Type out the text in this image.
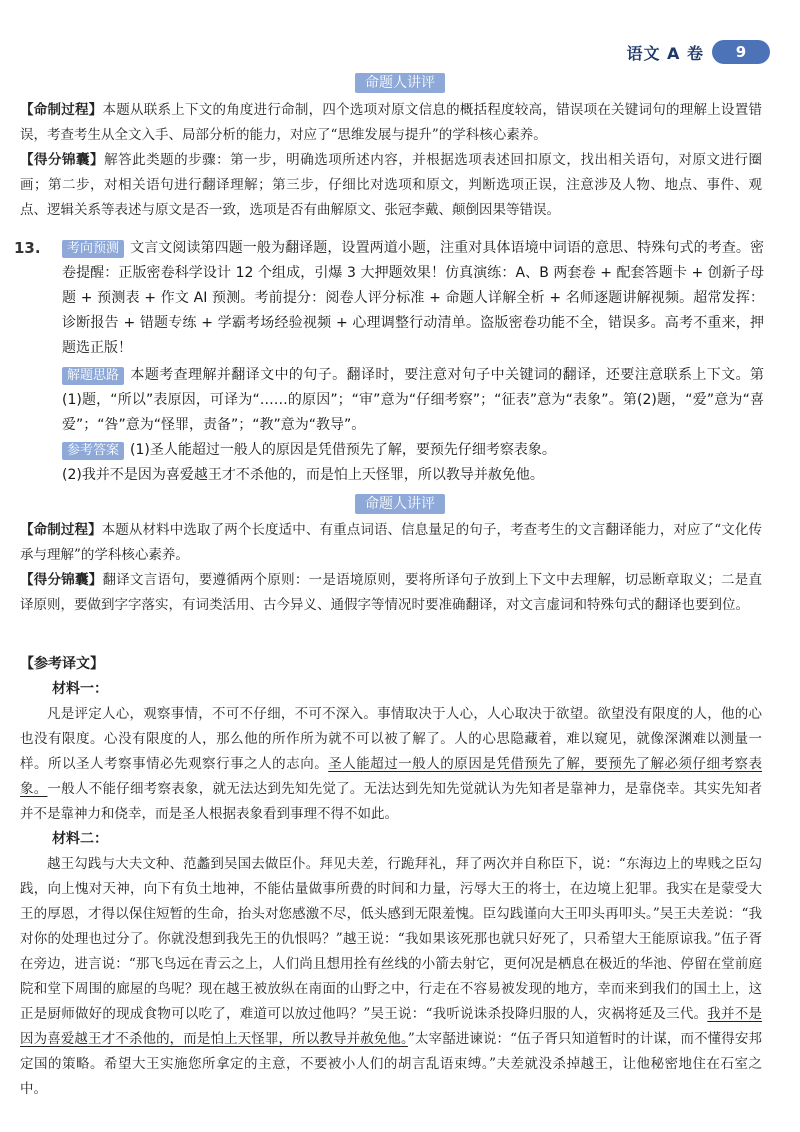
语文 A 卷	9
命题人讲评
【命制过程】本题从联系上下文的角度进行命制，四个选项对原文信息的概括程度较高，错误项在关键词句的理解上设置错误，考查考生从全文入手、局部分析的能力，对应了“思维发展与提升”的学科核心素养。
【得分锦囊】解答此类题的步骤：第一步，明确选项所述内容，并根据选项表述回扣原文，找出相关语句，对原文进行圈画；第二步，对相关语句进行翻译理解；第三步，仔细比对选项和原文，判断选项正误，注意涉及人物、地点、事件、观点、逻辑关系等表述与原文是否一致，选项是否有曲解原文、张冠李戴、颠倒因果等错误。
13.	考向预测 文言文阅读第四题一般为翻译题，设置两道小题，注重对具体语境中词语的意思、特殊句式的考查。密卷提醒：正版密卷科学设计 12 个组成，引爆 3 大押题效果！仿真演练：A、B 两套卷 + 配套答题卡 + 创新子母题 + 预测表 + 作文 AI 预测。考前提分：阅卷人评分标准 + 命题人详解全析 + 名师逐题讲解视频。超常发挥：诊断报告 + 错题专练 + 学霸考场经验视频 + 心理调整行动清单。盗版密卷功能不全，错误多。高考不重来，押题选正版！
解题思路 本题考查理解并翻译文中的句子。翻译时，要注意对句子中关键词的翻译，还要注意联系上下文。第(1)题，“所以”表原因，可译为“……的原因”；“审”意为“仔细考察”；“征表”意为“表象”。第(2)题，“爱”意为“喜爱”；“咎”意为“怪罪，责备”；“教”意为“教导”。
参考答案 (1)圣人能超过一般人的原因是凭借预先了解，要预先仔细考察表象。
(2)我并不是因为喜爱越王才不杀他的，而是怕上天怪罪，所以教导并赦免他。
命题人讲评
【命制过程】本题从材料中选取了两个长度适中、有重点词语、信息量足的句子，考查考生的文言翻译能力，对应了“文化传承与理解”的学科核心素养。
【得分锦囊】翻译文言语句，要遵循两个原则：一是语境原则，要将所译句子放到上下文中去理解，切忌断章取义；二是直译原则，要做到字字落实，有词类活用、古今异义、通假字等情况时要准确翻译，对文言虚词和特殊句式的翻译也要到位。
【参考译文】
材料一：
凡是评定人心，观察事情，不可不仔细，不可不深入。事情取决于人心，人心取决于欲望。欲望没有限度的人，他的心也没有限度。心没有限度的人，那么他的所作所为就不可以被了解了。人的心思隐藏着，难以窥见，就像深渊难以测量一样。所以圣人考察事情必先观察行事之人的志向。圣人能超过一般人的原因是凭借预先了解，要预先了解必须仔细考察表象。一般人不能仔细考察表象，就无法达到先知先觉了。无法达到先知先觉就认为先知者是靠神力，是靠侥幸。其实先知者并不是靠神力和侥幸，而是圣人根据表象看到事理不得不如此。
材料二：
越王勾践与大夫文种、范蠡到吴国去做臣仆。拜见夫差，行跪拜礼，拜了两次并自称臣下，说：“东海边上的卑贱之臣勾践，向上愧对天神，向下有负土地神，不能估量做事所费的时间和力量，污辱大王的将士，在边境上犯罪。我实在是蒙受大王的厚恩，才得以保住短暂的生命，抬头对您感激不尽，低头感到无限羞愧。臣勾践谨向大王叩头再叩头。”吴王夫差说：“我对你的处理也过分了。你就没想到我先王的仇恨吗？”越王说：“我如果该死那也就只好死了，只希望大王能原谅我。”伍子胥在旁边，进言说：“那飞鸟远在青云之上，人们尚且想用拴有丝线的小箭去射它，更何况是栖息在极近的华池、停留在堂前庭院和堂下周围的廊屋的鸟呢？现在越王被放纵在南面的山野之中，行走在不容易被发现的地方，幸而来到我们的国土上，这正是厨师做好的现成食物可以吃了，难道可以放过他吗？”吴王说：“我听说诛杀投降归服的人，灾祸将延及三代。我并不是因为喜爱越王才不杀他的，而是怕上天怪罪，所以教导并赦免他。”太宰嚭进谏说：“伍子胥只知道暂时的计谋，而不懂得安邦定国的策略。希望大王实施您所拿定的主意，不要被小人们的胡言乱语束缚。”夫差就没杀掉越王，让他秘密地住在石室之中。
